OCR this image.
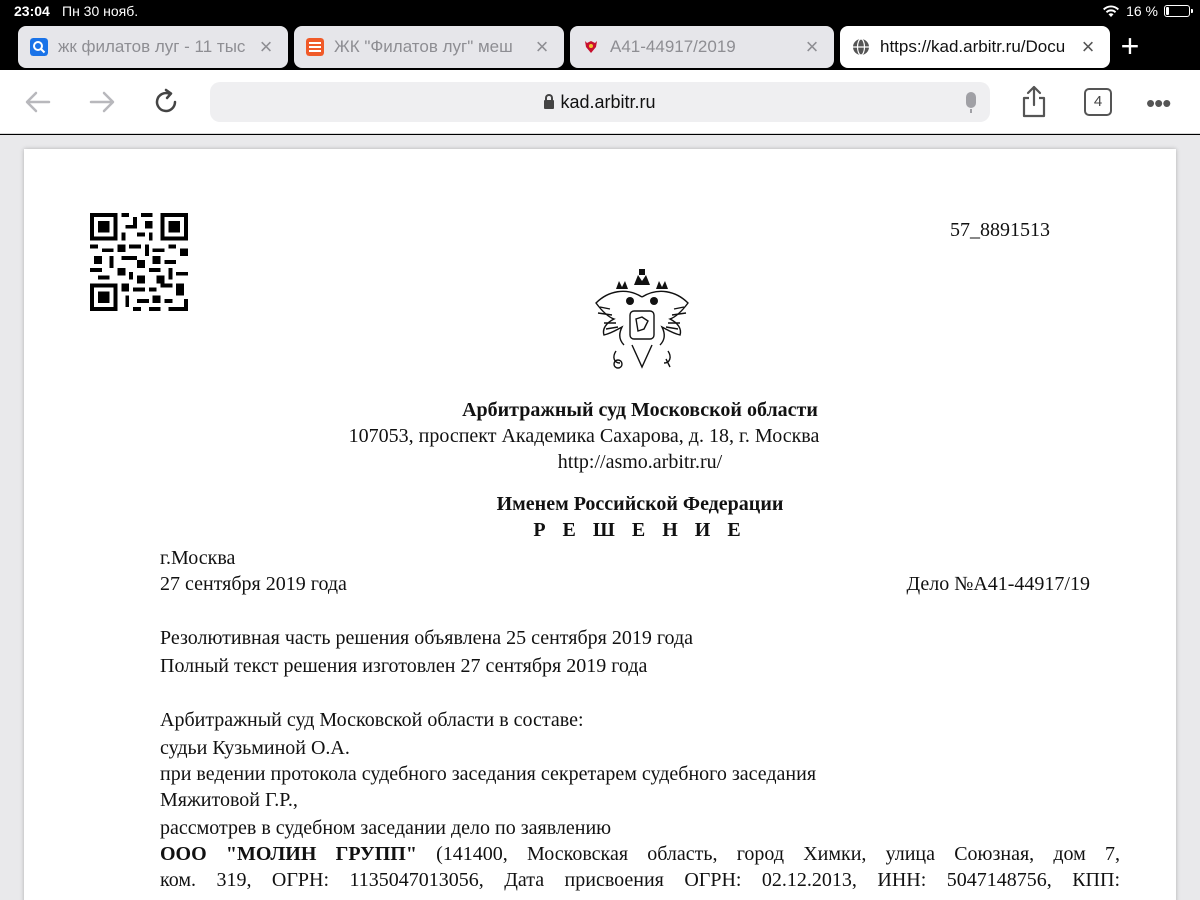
23:04 Пн 30 нояб.	16 %
жк филатов луг - 11 тыс ×	ЖК "Филатов луг" меш	×	А41-44917/2019	×	https://kad.arbitr.ru/Docu × +
kad.arbitr.ru	4	•••
57_8891513
Арбитражный суд Московской области
107053, проспект Академика Сахарова, д. 18, г. Москва
http://asmo.arbitr.ru/
Именем Российской Федерации
Р Е Ш Е Н И Е
г.Москва
27 сентября 2019 года	Дело №А41-44917/19
Резолютивная часть решения объявлена 25 сентября 2019 года
Полный текст решения изготовлен 27 сентября 2019 года
Арбитражный суд Московской области в составе:
судьи Кузьминой О.А.
при ведении протокола судебного заседания секретарем судебного заседания
Мяжитовой Г.Р.,
рассмотрев в судебном заседании дело по заявлению
ООО "МОЛИН ГРУПП" (141400, Московская область, город Химки, улица Союзная, дом 7,
ком. 319, ОГРН: 1135047013056, Дата присвоения ОГРН: 02.12.2013, ИНН: 5047148756, КПП:
